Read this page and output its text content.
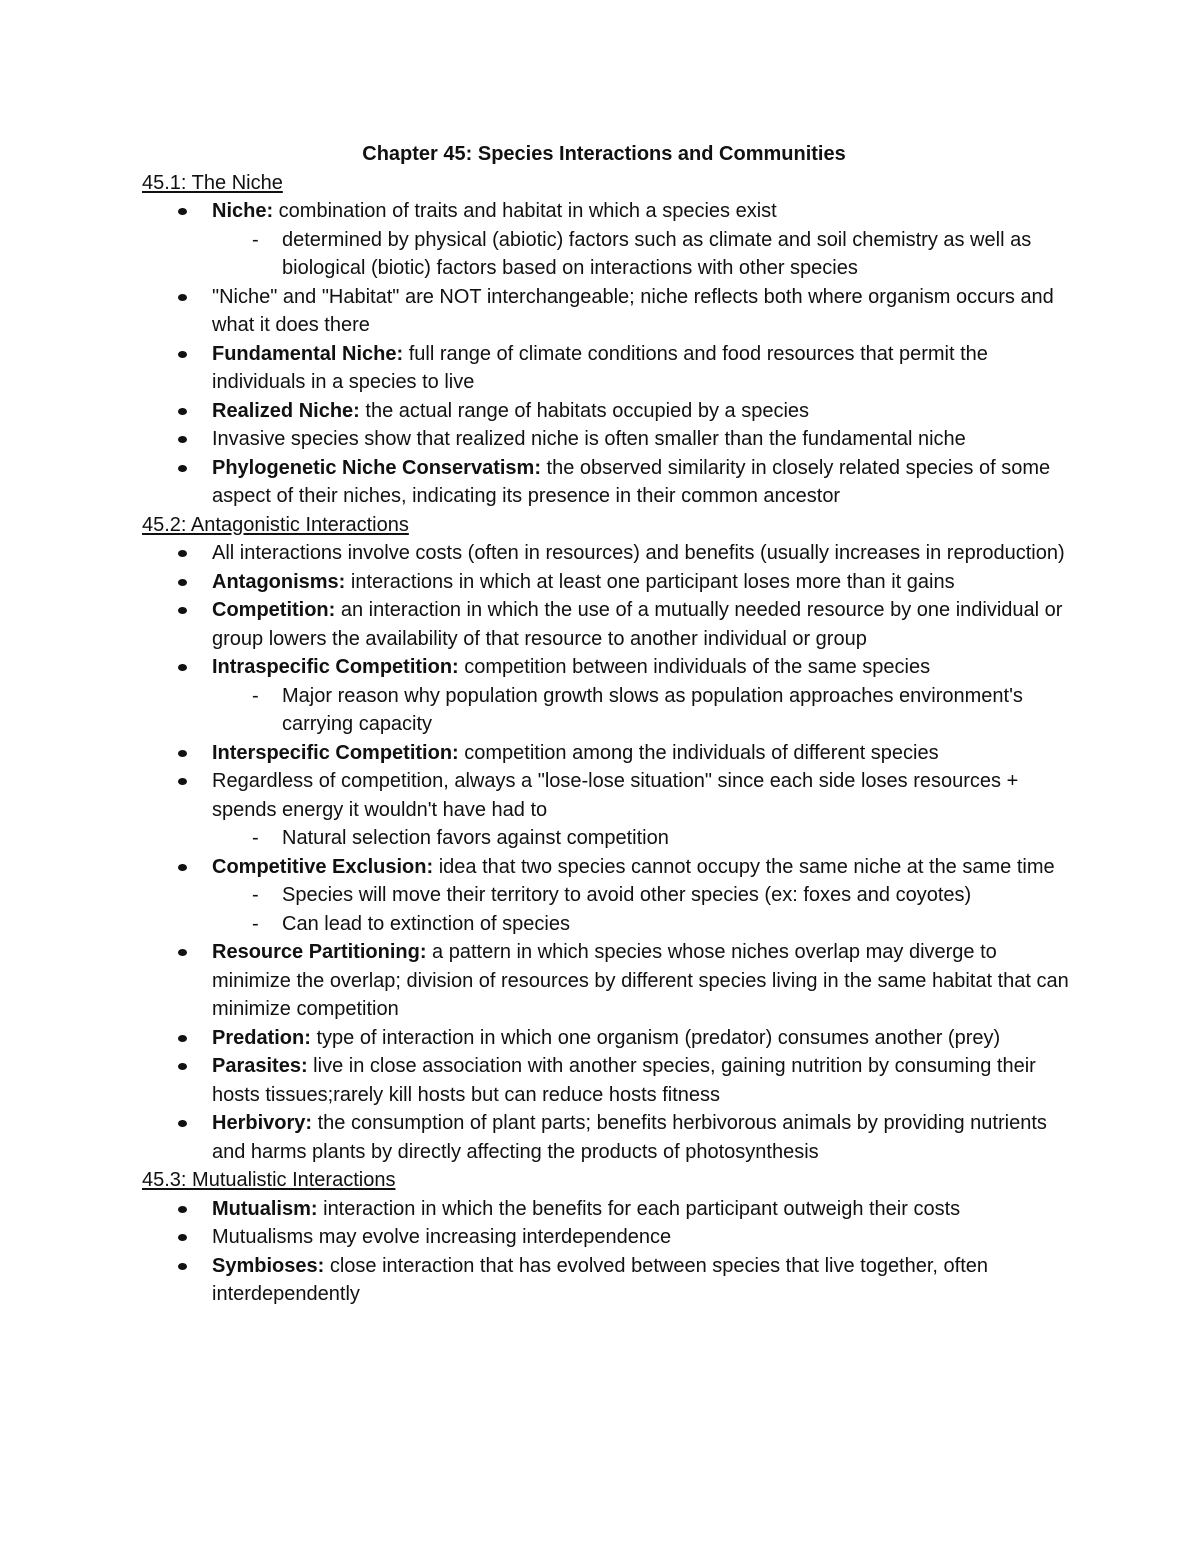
Chapter 45: Species Interactions and Communities
45.1: The Niche
Niche: combination of traits and habitat in which a species exist
- determined by physical (abiotic) factors such as climate and soil chemistry as well as biological (biotic) factors based on interactions with other species
"Niche" and "Habitat" are NOT interchangeable; niche reflects both where organism occurs and what it does there
Fundamental Niche: full range of climate conditions and food resources that permit the individuals in a species to live
Realized Niche: the actual range of habitats occupied by a species
Invasive species show that realized niche is often smaller than the fundamental niche
Phylogenetic Niche Conservatism: the observed similarity in closely related species of some aspect of their niches, indicating its presence in their common ancestor
45.2: Antagonistic Interactions
All interactions involve costs (often in resources) and benefits (usually increases in reproduction)
Antagonisms: interactions in which at least one participant loses more than it gains
Competition: an interaction in which the use of a mutually needed resource by one individual or group lowers the availability of that resource to another individual or group
Intraspecific Competition: competition between individuals of the same species
- Major reason why population growth slows as population approaches environment's carrying capacity
Interspecific Competition: competition among the individuals of different species
Regardless of competition, always a "lose-lose situation" since each side loses resources + spends energy it wouldn't have had to
- Natural selection favors against competition
Competitive Exclusion: idea that two species cannot occupy the same niche at the same time
- Species will move their territory to avoid other species (ex: foxes and coyotes)
- Can lead to extinction of species
Resource Partitioning: a pattern in which species whose niches overlap may diverge to minimize the overlap; division of resources by different species living in the same habitat that can minimize competition
Predation: type of interaction in which one organism (predator) consumes another (prey)
Parasites: live in close association with another species, gaining nutrition by consuming their hosts tissues;rarely kill hosts but can reduce hosts fitness
Herbivory: the consumption of plant parts; benefits herbivorous animals by providing nutrients and harms plants by directly affecting the products of photosynthesis
45.3: Mutualistic Interactions
Mutualism: interaction in which the benefits for each participant outweigh their costs
Mutualisms may evolve increasing interdependence
Symbioses: close interaction that has evolved between species that live together, often interdependently
